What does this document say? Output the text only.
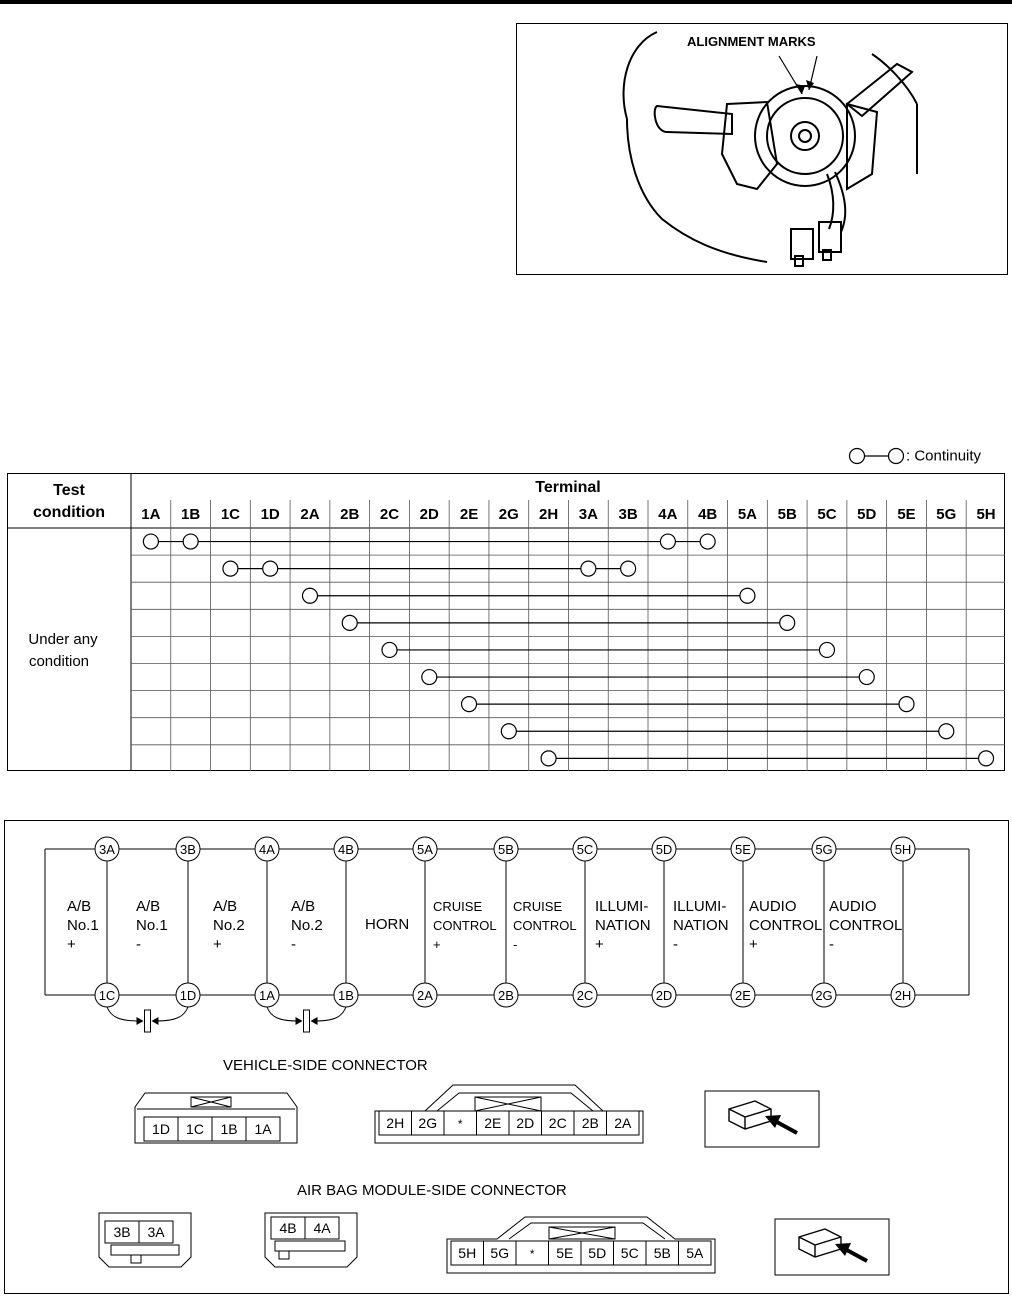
ALIGNMENT MARKS
: Continuity
Test
condition
Terminal
1A 1B 1C 1D 2A 2B 2C 2D 2E 2G 2H 3A 3B 4A 4B 5A 5B 5C 5D 5E 5G 5H
Under any
condition
3A
1C
3B
1D
4A
1A
4B
1B
5A
2A
5B
2B
5C
2C
5D
2D
5E
2E
5G
2G
5H
2H
A/B
No.1
+
A/B
No.1
-
A/B
No.2
+
A/B
No.2
-
HORN
CRUISE
CONTROL
+
CRUISE
CONTROL
-
ILLUMI-
NATION
+
ILLUMI-
NATION
-
AUDIO
CONTROL
+
AUDIO
CONTROL
-
VEHICLE-SIDE CONNECTOR
1D 1C 1B 1A	2H 2G * 2E 2D 2C 2B 2A
AIR BAG MODULE-SIDE CONNECTOR
3B 3A	4B 4A
5H 5G * 5E 5D 5C 5B 5A
